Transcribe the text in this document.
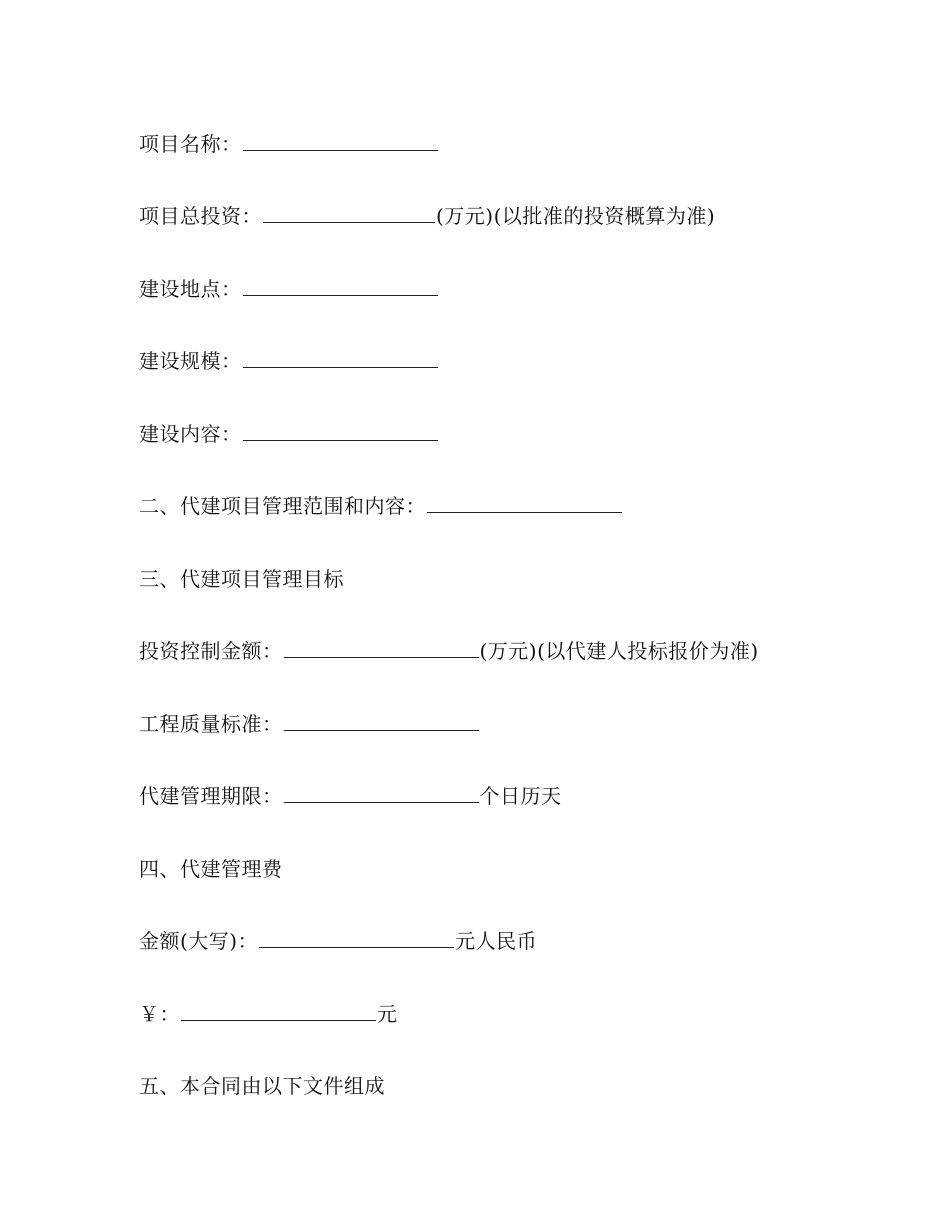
项目名称：
项目总投资：	(万元)(以批准的投资概算为准)
建设地点：
建设规模：
建设内容：
二、代建项目管理范围和内容：
三、代建项目管理目标
投资控制金额：	(万元)(以代建人投标报价为准)
工程质量标准：
代建管理期限：	个日历天
四、代建管理费
金额(大写)：	元人民币
￥：	元
五、本合同由以下文件组成
